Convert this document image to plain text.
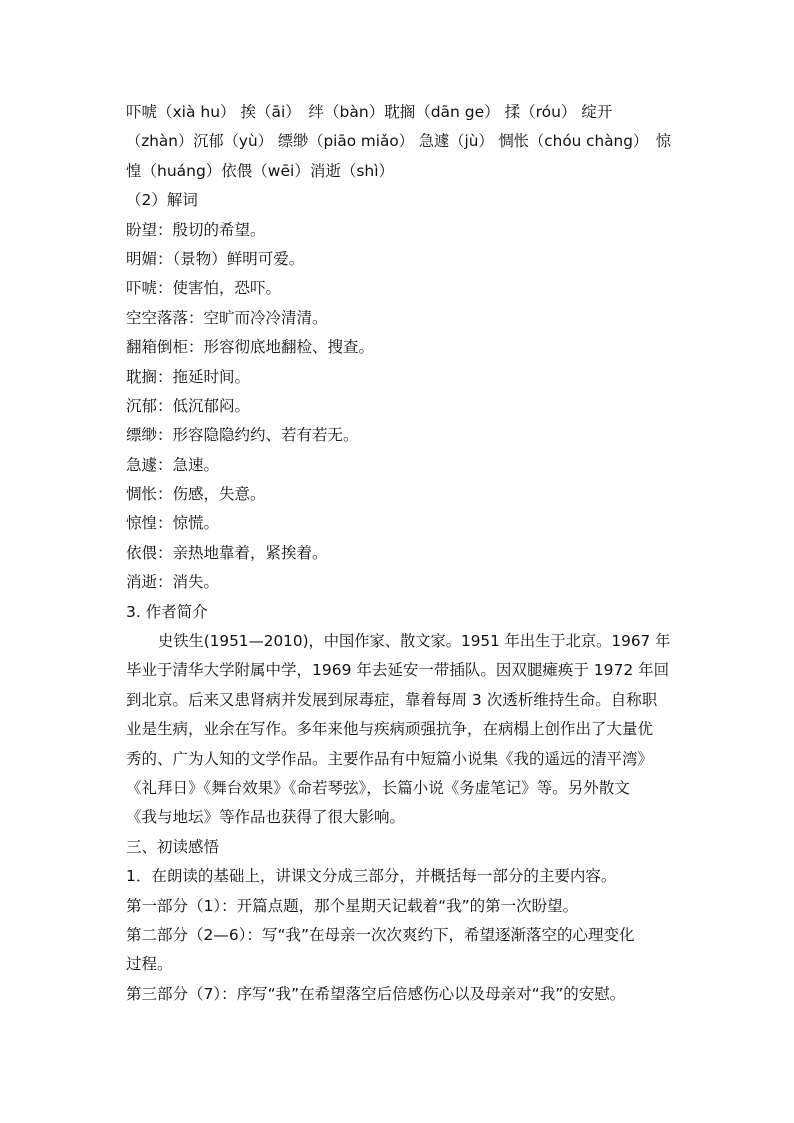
吓唬（xià hu） 挨（āi）　绊（bàn）耽搁（dān ge） 揉（róu） 绽开
（zhàn）沉郁（yù） 缥缈（piāo miǎo） 急遽（jù） 惆怅（chóu chàng）　惊
惶（huáng）依偎（wēi）消逝（shì）
（2）解词
盼望：殷切的希望。
明媚：（景物）鲜明可爱。
吓唬：使害怕，恐吓。
空空落落：空旷而冷冷清清。
翻箱倒柜：形容彻底地翻检、搜查。
耽搁：拖延时间。
沉郁：低沉郁闷。
缥缈：形容隐隐约约、若有若无。
急遽：急速。
惆怅：伤感，失意。
惊惶：惊慌。
依偎：亲热地靠着，紧挨着。
消逝：消失。
3. 作者简介
史铁生(1951—2010)，中国作家、散文家。1951 年出生于北京。1967 年
毕业于清华大学附属中学，1969 年去延安一带插队。因双腿瘫痪于 1972 年回
到北京。后来又患肾病并发展到尿毒症，靠着每周 3 次透析维持生命。自称职
业是生病，业余在写作。多年来他与疾病顽强抗争，在病榻上创作出了大量优
秀的、广为人知的文学作品。主要作品有中短篇小说集《我的遥远的清平湾》
《礼拜日》《舞台效果》《命若琴弦》，长篇小说《务虚笔记》等。另外散文
《我与地坛》等作品也获得了很大影响。
三、初读感悟
1．在朗读的基础上，讲课文分成三部分，并概括每一部分的主要内容。
第一部分（1）：开篇点题，那个星期天记载着“我”的第一次盼望。
第二部分（2—6）：写“我”在母亲一次次爽约下，希望逐渐落空的心理变化
过程。
第三部分（7）：序写“我”在希望落空后倍感伤心以及母亲对“我”的安慰。
